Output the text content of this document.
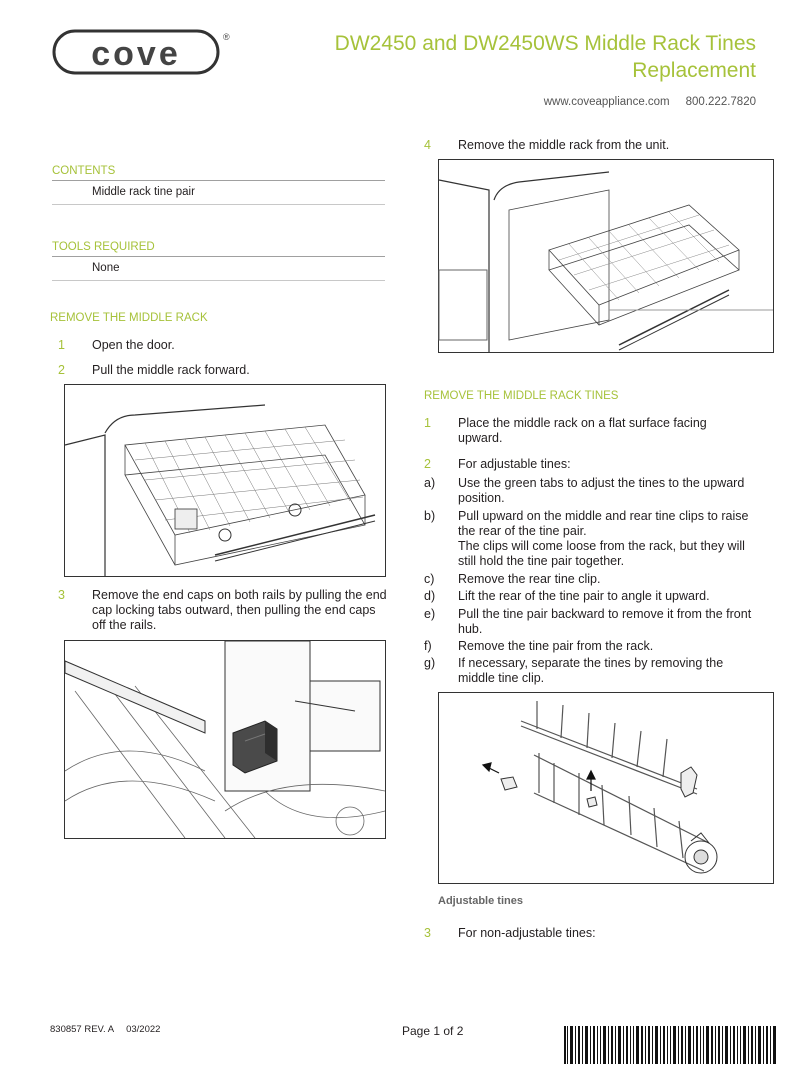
cove	®	DW2450 and DW2450WS Middle Rack Tines
Replacement
www.coveappliance.com 800.222.7820
CONTENTS
Middle rack tine pair
TOOLS REQUIRED
None
REMOVE THE MIDDLE RACK
1	Open the door.
2	Pull the middle rack forward.
3	Remove the end caps on both rails by pulling the end cap locking tabs outward, then pulling the end caps off the rails.
4	Remove the middle rack from the unit.
REMOVE THE MIDDLE RACK TINES
1	Place the middle rack on a flat surface facing upward.
2	For adjustable tines:
a)	Use the green tabs to adjust the tines to the upward position.
b)	Pull upward on the middle and rear tine clips to raise the rear of the tine pair.
The clips will come loose from the rack, but they will still hold the tine pair together.
c)	Remove the rear tine clip.
d)	Lift the rear of the tine pair to angle it upward.
e)	Pull the tine pair backward to remove it from the front hub.
f)	Remove the tine pair from the rack.
g)	If necessary, separate the tines by removing the middle tine clip.
Adjustable tines
3	For non-adjustable tines:
830857 REV. A 03/2022	Page 1 of 2
